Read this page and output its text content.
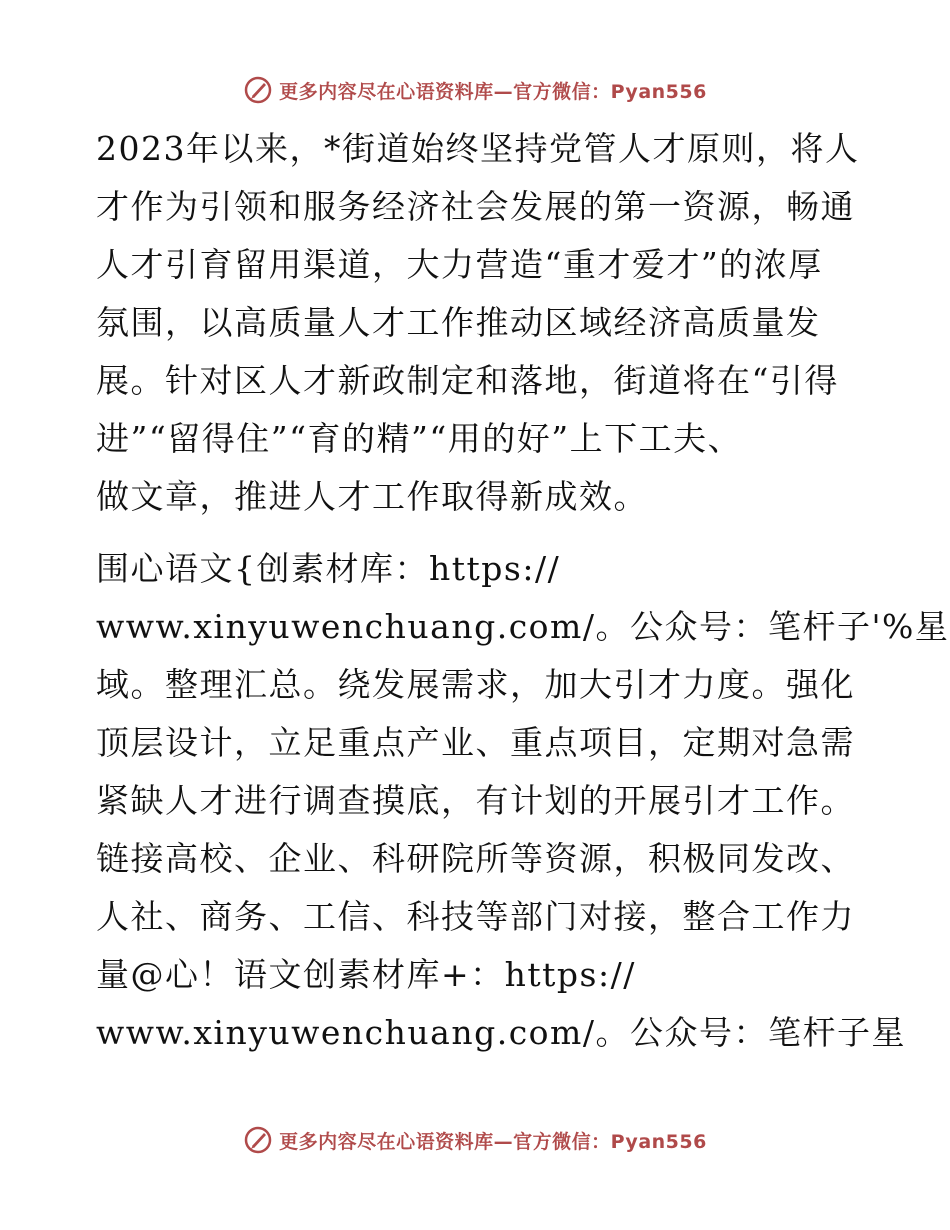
更多内容尽在心语资料库—官方微信：Pyan556
2023年以来，*街道始终坚持党管人才原则，将人
才作为引领和服务经济社会发展的第一资源，畅通
人才引育留用渠道，大力营造“重才爱才”的浓厚
氛围，以高质量人才工作推动区域经济高质量发
展。针对区人才新政制定和落地，街道将在“引得
进”“留得住”“育的精”“用的好”上下工夫、
做文章，推进人才工作取得新成效。
围心语文{创素材库：https://
www.xinyuwenchuang.com/。公众号：笔杆子'%星
域。整理汇总。绕发展需求，加大引才力度。强化
顶层设计，立足重点产业、重点项目，定期对急需
紧缺人才进行调查摸底，有计划的开展引才工作。
链接高校、企业、科研院所等资源，积极同发改、
人社、商务、工信、科技等部门对接，整合工作力
量@心！语文创素材库+：https://
www.xinyuwenchuang.com/。公众号：笔杆子星
更多内容尽在心语资料库—官方微信：Pyan556
